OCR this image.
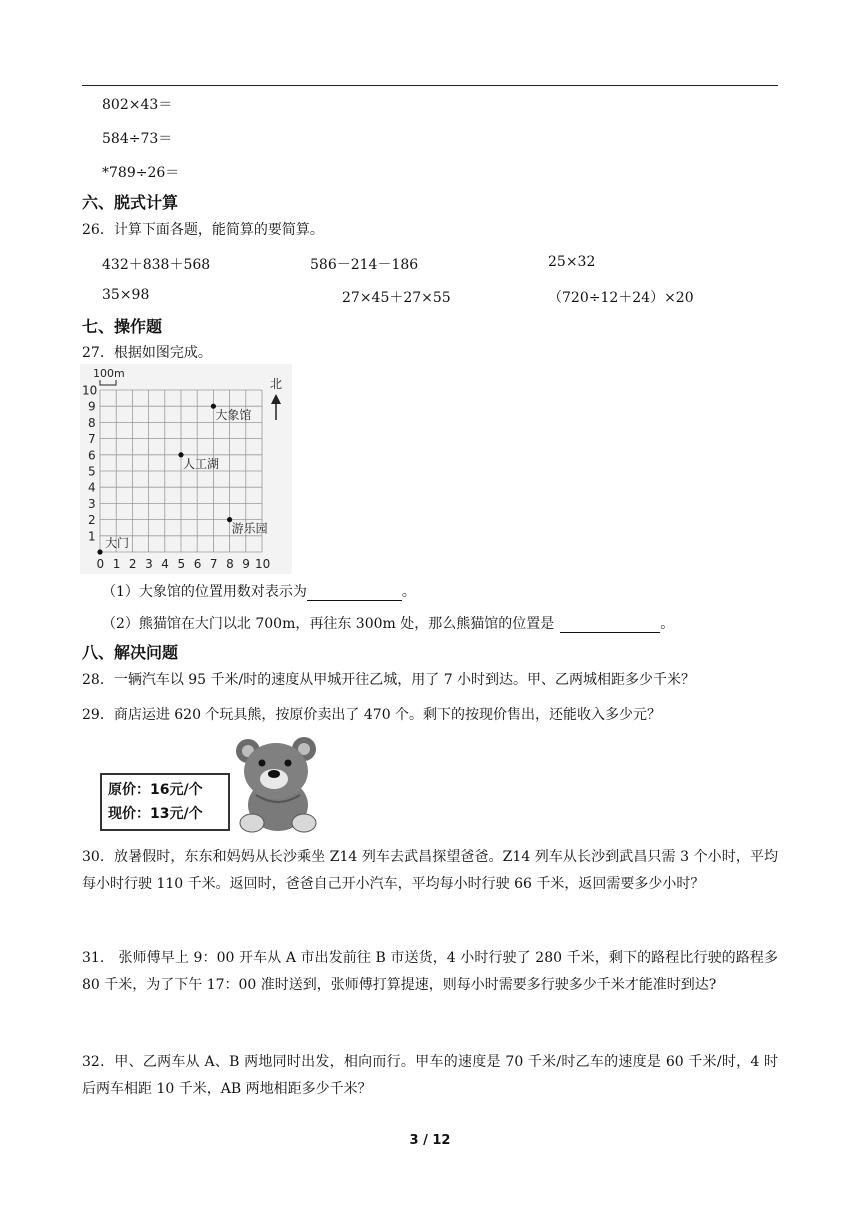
802×43＝
584÷73＝
*789÷26＝
六、脱式计算
26．计算下面各题，能简算的要简算。
432＋838＋568	586－214－186	25×32
35×98	27×45＋27×55	（720÷12＋24）×20
七、操作题
27．根据如图完成。
0 1 2 3 4 5 6 7 8 9 10
1
2
3
4
5
6
7
8
9
10
大象馆
人工湖
游乐园
大门
100m
北
（1）大象馆的位置用数对表示为	。
（2）熊猫馆在大门以北 700m，再往东 300m 处，那么熊猫馆的位置是	。
八、解决问题
28．一辆汽车以 95 千米/时的速度从甲城开往乙城，用了 7 小时到达。甲、乙两城相距多少千米？
29．商店运进 620 个玩具熊，按原价卖出了 470 个。剩下的按现价售出，还能收入多少元？
原价：16元/个
现价：13元/个
30．放暑假时，东东和妈妈从长沙乘坐 Z14 列车去武昌探望爸爸。Z14 列车从长沙到武昌只需 3 个小时，平均每小时行驶 110 千米。返回时，爸爸自己开小汽车，平均每小时行驶 66 千米，返回需要多少小时？
31.　张师傅早上 9：00 开车从 A 市出发前往 B 市送货，4 小时行驶了 280 千米，剩下的路程比行驶的路程多 80 千米，为了下午 17：00 准时送到，张师傅打算提速，则每小时需要多行驶多少千米才能准时到达?
32．甲、乙两车从 A、B 两地同时出发，相向而行。甲车的速度是 70 千米/时乙车的速度是 60 千米/时，4 时后两车相距 10 千米，AB 两地相距多少千米？
3 / 12
